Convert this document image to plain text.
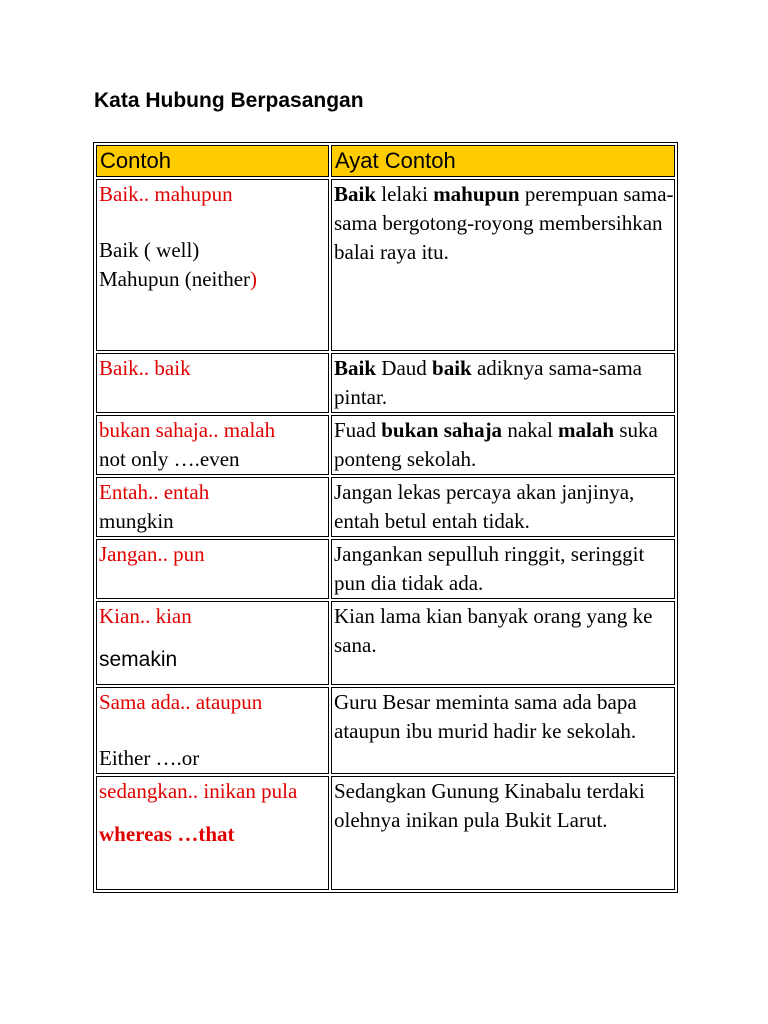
Kata Hubung Berpasangan
Contoh	Ayat Contoh

Baik.. mahupun
Baik ( well)
Mahupun (neither)	Baik lelaki mahupun perempuan sama-sama bergotong-royong membersihkan balai raya itu.

Baik.. baik	Baik Daud baik adiknya sama-sama pintar.

bukan sahaja.. malah
not only ….even	Fuad bukan sahaja nakal malah suka ponteng sekolah.

Entah.. entah
mungkin	Jangan lekas percaya akan janjinya, entah betul entah tidak.

Jangan.. pun	Jangankan sepulluh ringgit, seringgit pun dia tidak ada.

Kian.. kian
semakin	Kian lama kian banyak orang yang ke sana.

Sama ada.. ataupun
Either ….or	Guru Besar meminta sama ada bapa ataupun ibu murid hadir ke sekolah.

sedangkan.. inikan pula
whereas …that	Sedangkan Gunung Kinabalu terdaki olehnya inikan pula Bukit Larut.
